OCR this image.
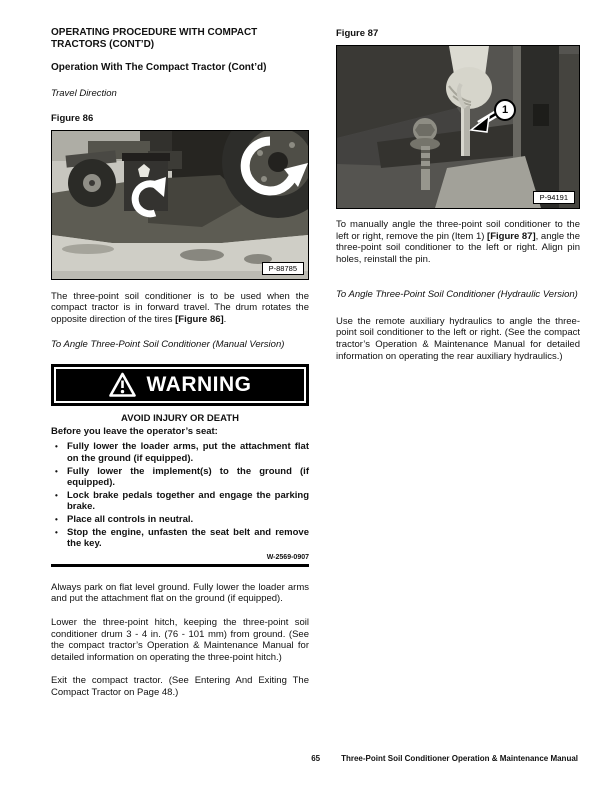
OPERATING PROCEDURE WITH COMPACT TRACTORS (CONT’D)
Operation With The Compact Tractor (Cont’d)
Travel Direction
Figure 86
P-88785

The three-point soil conditioner is to be used when the compact tractor is in forward travel. The drum rotates the opposite direction of the tires [Figure 86].

To Angle Three-Point Soil Conditioner (Manual Version)
WARNING
AVOID INJURY OR DEATH
Before you leave the operator’s seat:
• Fully lower the loader arms, put the attachment flat on the ground (if equipped).
• Fully lower the implement(s) to the ground (if equipped).
• Lock brake pedals together and engage the parking brake.
• Place all controls in neutral.
• Stop the engine, unfasten the seat belt and remove the key.
W-2569-0907

Always park on flat level ground. Fully lower the loader arms and put the attachment flat on the ground (if equipped).

Lower the three-point hitch, keeping the three-point soil conditioner drum 3 - 4 in. (76 - 101 mm) from ground. (See the compact tractor’s Operation & Maintenance Manual for detailed information on operating the three-point hitch.)

Exit the compact tractor. (See Entering And Exiting The Compact Tractor on Page 48.)

Figure 87
1
P-94191

To manually angle the three-point soil conditioner to the left or right, remove the pin (Item 1) [Figure 87], angle the three-point soil conditioner to the left or right. Align pin holes, reinstall the pin.

To Angle Three-Point Soil Conditioner (Hydraulic Version)

Use the remote auxiliary hydraulics to angle the three-point soil conditioner to the left or right. (See the compact tractor’s Operation & Maintenance Manual for detailed information on operating the rear auxiliary hydraulics.)

65	Three-Point Soil Conditioner Operation & Maintenance Manual
